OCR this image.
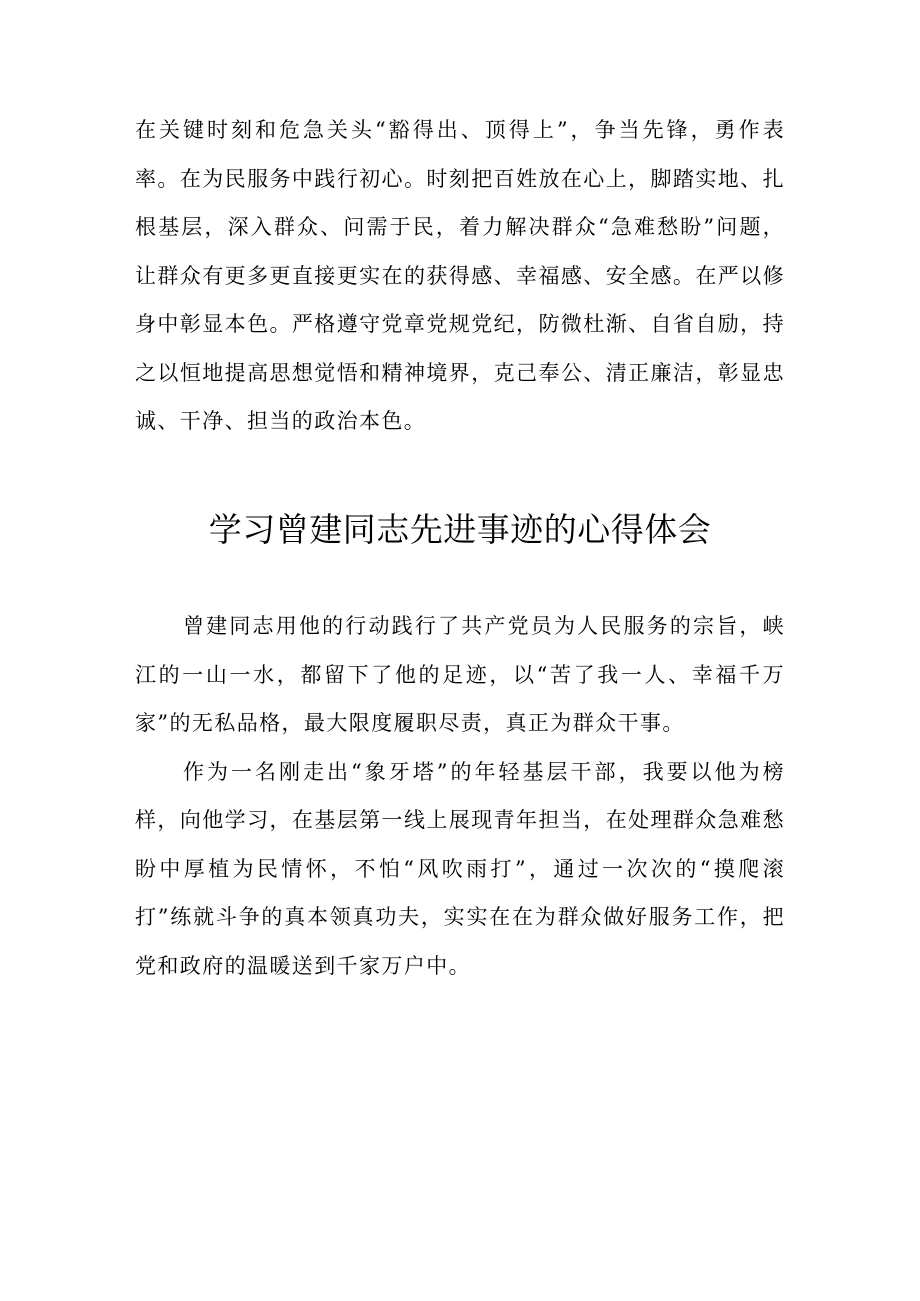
在关键时刻和危急关头“豁得出、顶得上”，争当先锋，勇作表率。在为民服务中践行初心。时刻把百姓放在心上，脚踏实地、扎根基层，深入群众、问需于民，着力解决群众“急难愁盼”问题，让群众有更多更直接更实在的获得感、幸福感、安全感。在严以修身中彰显本色。严格遵守党章党规党纪，防微杜渐、自省自励，持之以恒地提高思想觉悟和精神境界，克己奉公、清正廉洁，彰显忠诚、干净、担当的政治本色。

学习曾建同志先进事迹的心得体会

曾建同志用他的行动践行了共产党员为人民服务的宗旨，峡江的一山一水，都留下了他的足迹，以“苦了我一人、幸福千万家”的无私品格，最大限度履职尽责，真正为群众干事。

作为一名刚走出“象牙塔”的年轻基层干部，我要以他为榜样，向他学习，在基层第一线上展现青年担当，在处理群众急难愁盼中厚植为民情怀，不怕“风吹雨打”，通过一次次的“摸爬滚打”练就斗争的真本领真功夫，实实在在为群众做好服务工作，把党和政府的温暖送到千家万户中。
